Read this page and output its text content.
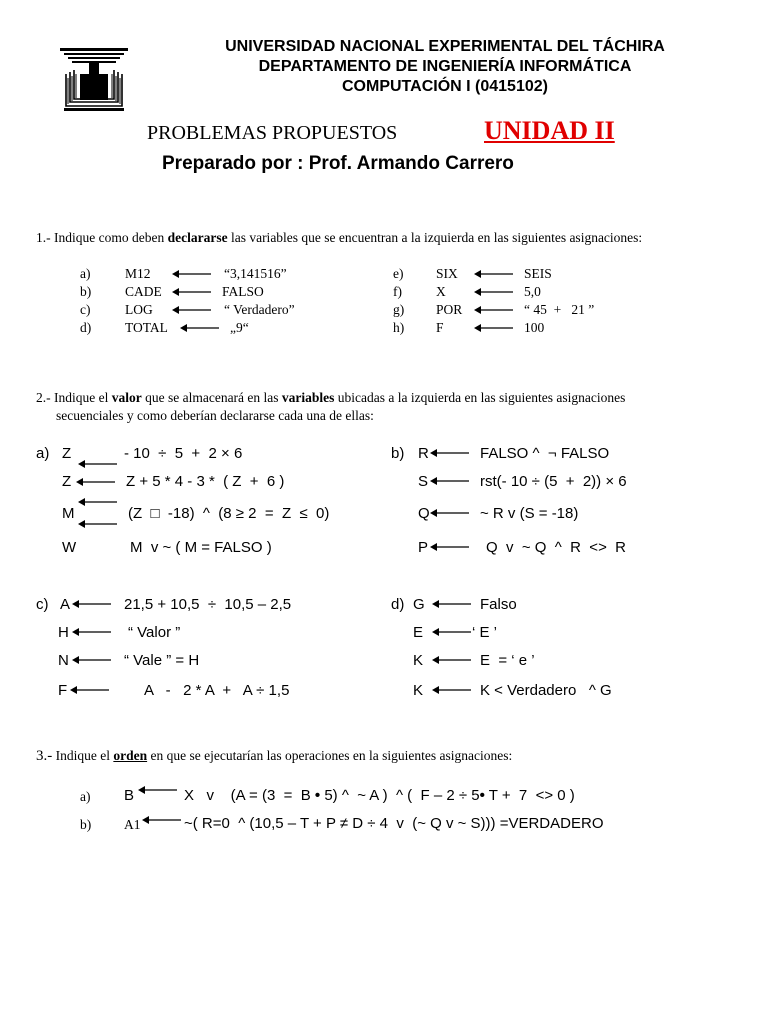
UNIVERSIDAD NACIONAL EXPERIMENTAL DEL TÁCHIRA
DEPARTAMENTO DE INGENIERÍA INFORMÁTICA
COMPUTACIÓN I (0415102)
PROBLEMAS PROPUESTOS	UNIDAD II
Preparado por : Prof. Armando Carrero
1.- Indique como deben declararse las variables que se encuentran a la izquierda en las siguientes asignaciones:
a)	M12	“3,141516”
b)	CADE	FALSO
c)	LOG	“ Verdadero”
d)	TOTAL	„9“
e) SIX	SEIS
f)	X	5,0
g) POR	“ 45  +   21 ”
h) F	100
2.- Indique el valor que se almacenará en las variables ubicadas a la izquierda en las siguientes asignaciones
secuenciales y como deberían declararse cada una de ellas:
a) Z	- 10  ÷  5  +  2 × 6
Z	Z + 5 * 4 - 3 *  ( Z  +  6 )
M	(Z  □  -18)  ^  (8 ≥ 2  =  Z  ≤  0)
W	M  v ~ ( M = FALSO )
b) R	FALSO ^  ¬ FALSO
S	rst(- 10 ÷ (5  +  2)) × 6
Q	~ R v (S = -18)
P	Q  v  ~ Q  ^  R  <>  R
c) A	21,5 + 10,5  ÷  10,5 – 2,5
H	“ Valor ”
N	“ Vale ” = H
F	A   -   2 * A  +   A ÷ 1,5
d) G	Falso
E	‘ E ’
K	E  = ‘ e ’
K	K < Verdadero   ^ G
3.- Indique el orden en que se ejecutarían las operaciones en la siguientes asignaciones:
a) B	X   v    (A = (3  =  B • 5) ^  ~ A )  ^ (  F – 2 ÷ 5• T +  7  <> 0 )
b) A1	~( R=0  ^ (10,5 – T + P ≠ D ÷ 4  v  (~ Q v ~ S))) =VERDADERO
